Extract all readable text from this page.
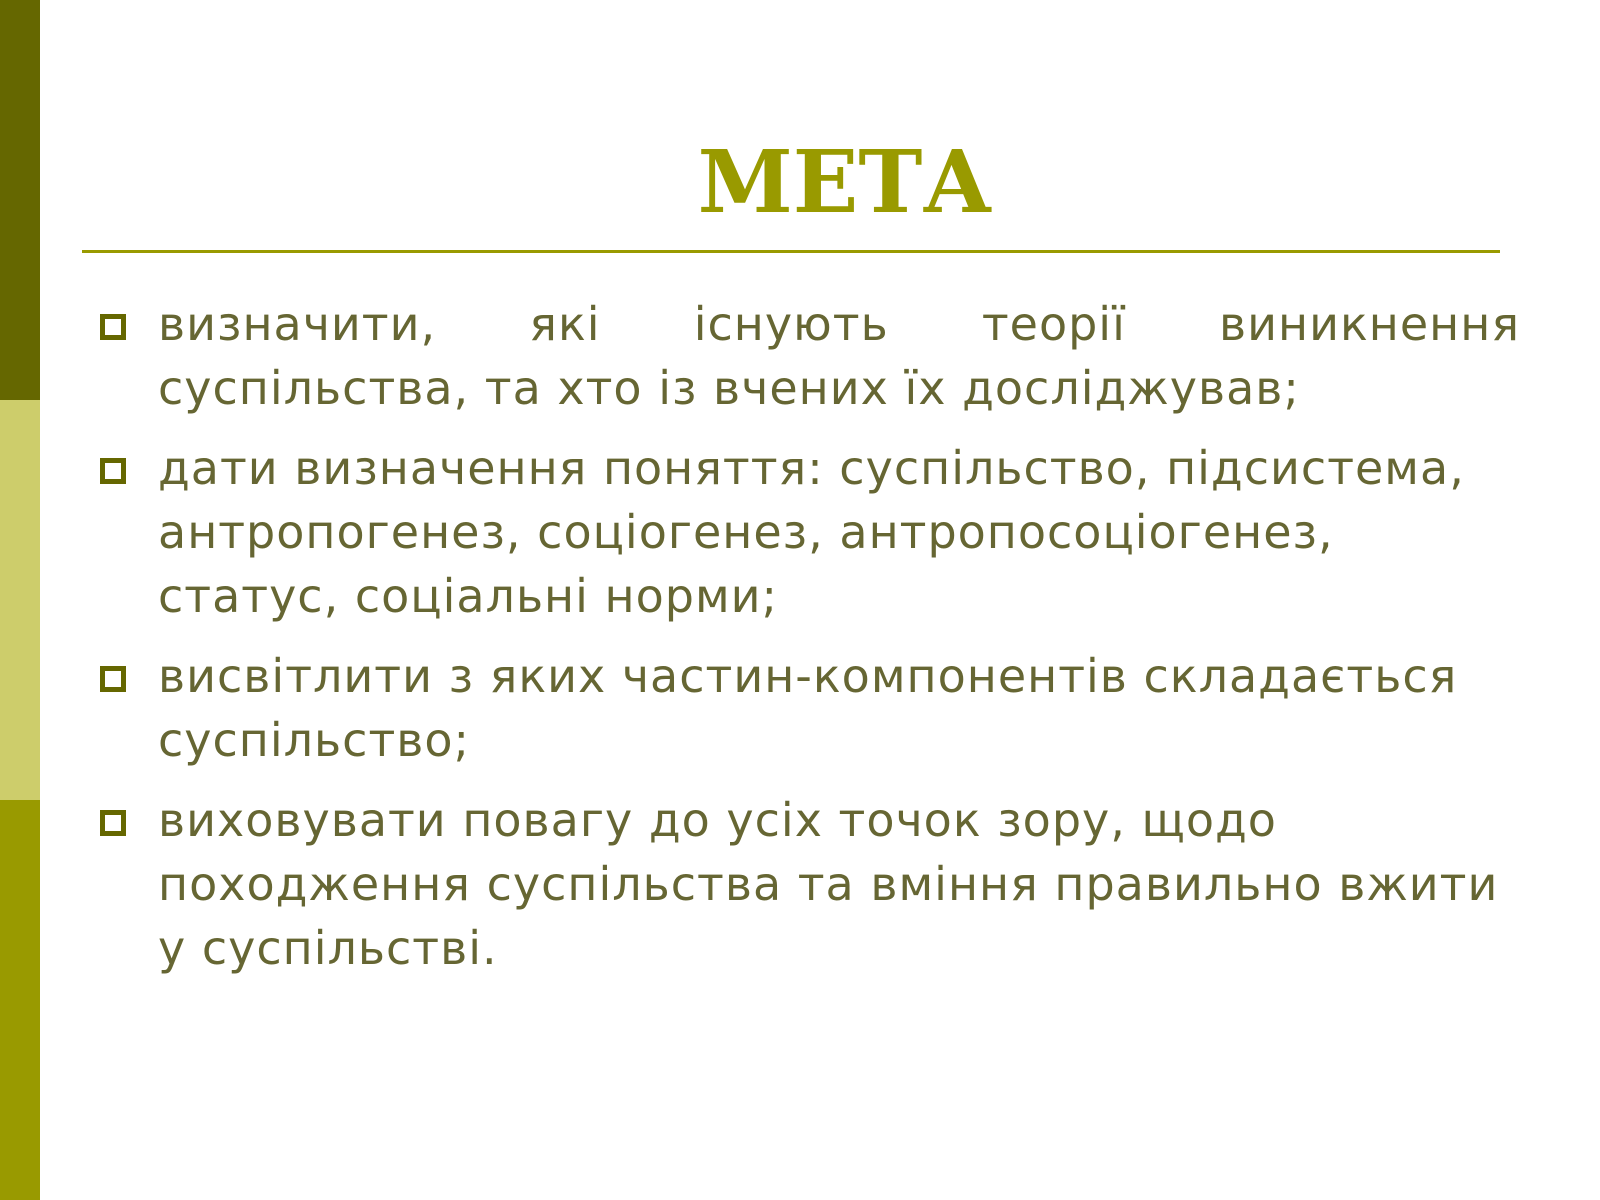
МЕТА
визначити, які існують теорії виникнення суспільства, та хто із вчених їх досліджував;
дати визначення поняття: суспільство, підсистема, антропогенез, соціогенез, антропосоціогенез, статус, соціальні норми;
висвітлити з яких частин-компонентів складається суспільство;
виховувати повагу до усіх точок зору, щодо походження суспільства та вміння правильно вжити у суспільстві.
